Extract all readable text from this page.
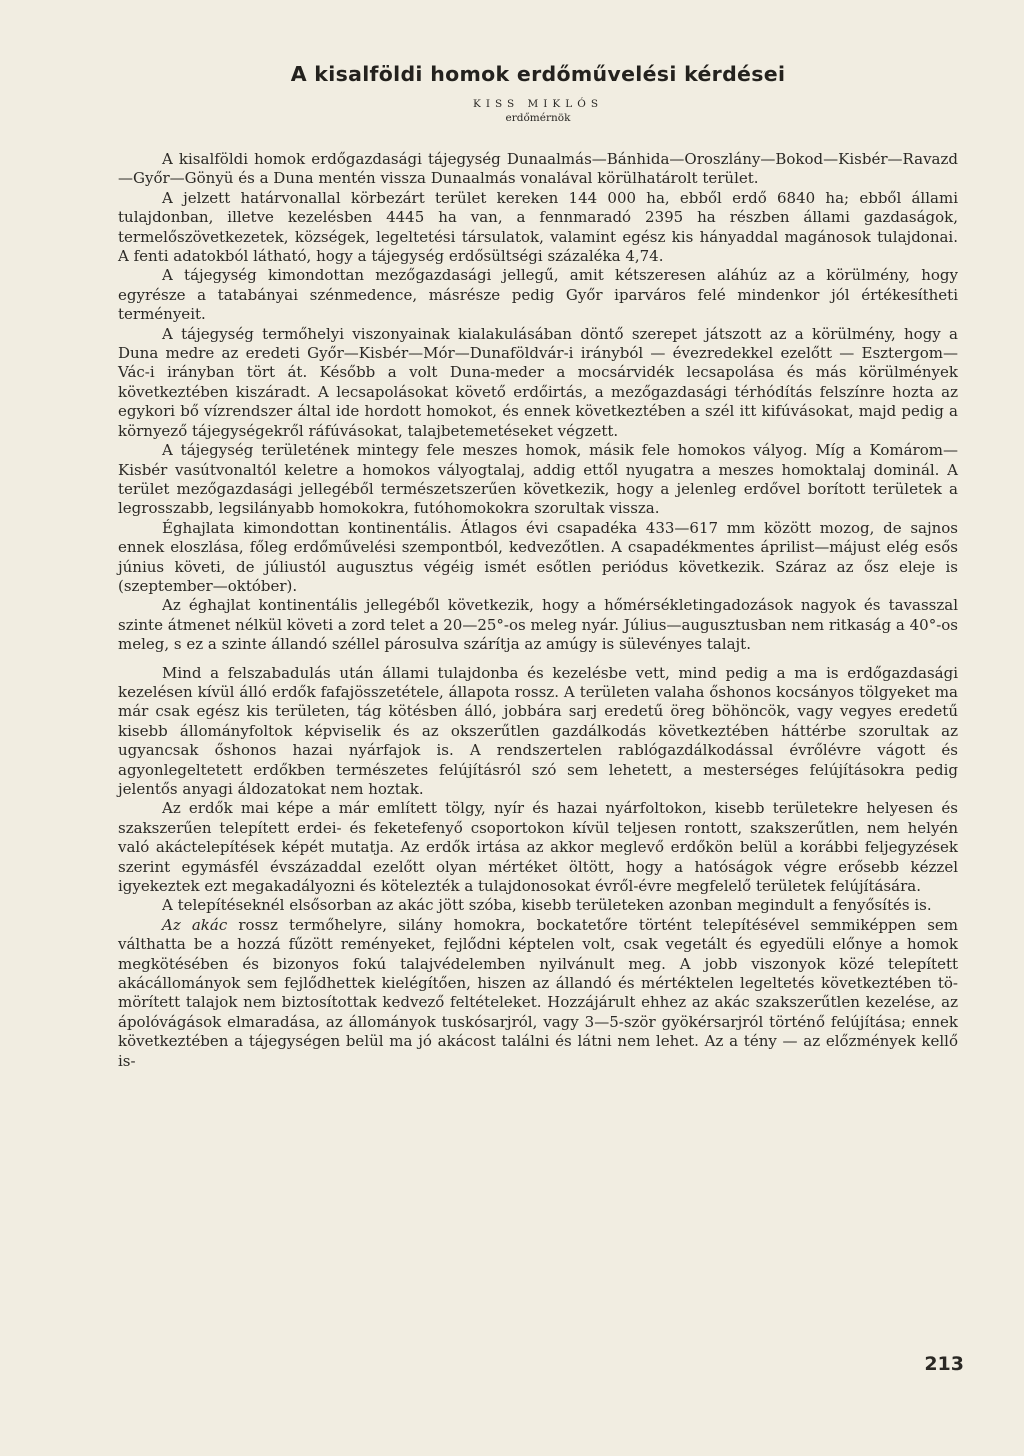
A kisalföldi homok erdőművelési kérdései
KISS MIKLÓS
erdőmérnök

A kisalföldi homok erdőgazdasági tájegység Dunaalmás—Bánhida—Oroszlány—Bokod—Kisbér—Ravazd—Győr—Gönyü és a Duna mentén vissza Dunaalmás vonalával körülhatárolt terület.

A jelzett határvonallal körbezárt terület kereken 144 000 ha, ebből erdő 6840 ha; ebből állami tulajdonban, illetve kezelésben 4445 ha van, a fennmaradó 2395 ha részben állami gazdaságok, termelőszövetkezetek, községek, legeltetési társulatok, valamint egész kis hányaddal magánosok tulajdonai. A fenti adatokból látható, hogy a tájegység erdősültségi százaléka 4,74.

A tájegység kimondottan mezőgazdasági jellegű, amit kétszeresen aláhúz az a körülmény, hogy egyrésze a tatabányai szénmedence, másrésze pedig Győr iparváros felé mindenkor jól értékesítheti terményeit.

A tájegység termőhelyi viszonyainak kialakulásában döntő szerepet játszott az a körülmény, hogy a Duna medre az eredeti Győr—Kisbér—Mór—Dunaföldvár-i irányból — évezredekkel ezelőtt — Esztergom—Vác-i irányban tört át. Később a volt Duna-meder a mocsárvidék lecsapolása és más körülmények következtében kiszáradt. A lecsapolásokat követő erdőirtás, a mezőgazdasági térhódítás felszínre hozta az egykori bő vízrendszer által ide hordott homokot, és ennek következtében a szél itt kifúvásokat, majd pedig a környező tájegységekről ráfúvásokat, talajbetemetéseket végzett.

A tájegység területének mintegy fele meszes homok, másik fele homokos vályog. Míg a Komárom—Kisbér vasútvonaltól keletre a homokos vályogtalaj, addig ettől nyugatra a meszes homoktalaj dominál. A terület mezőgazdasági jellegéből természetszerűen következik, hogy a jelenleg erdővel borított területek a legrosszabb, legsilányabb homokokra, futóhomokokra szorultak vissza.

Éghajlata kimondottan kontinentális. Átlagos évi csapadéka 433—617 mm között mozog, de sajnos ennek eloszlása, főleg erdőművelési szempontból, kedvezőtlen. A csapadékmentes áprilist—májust elég esős június követi, de júliustól augusztus végéig ismét esőtlen periódus következik. Száraz az ősz eleje is (szeptember—október).

Az éghajlat kontinentális jellegéből következik, hogy a hőmérsékletingadozások nagyok és tavasszal szinte átmenet nélkül követi a zord telet a 20—25°-os meleg nyár. Július—augusztusban nem ritkaság a 40°-os meleg, s ez a szinte állandó széllel párosulva szárítja az amúgy is sülevényes talajt.

Mind a felszabadulás után állami tulajdonba és kezelésbe vett, mind pedig a ma is erdőgazdasági kezelésen kívül álló erdők fafajösszetétele, állapota rossz. A területen valaha őshonos kocsányos tölgyeket ma már csak egész kis területen, tág kötésben álló, jobbára sarj eredetű öreg böhöncök, vagy vegyes eredetű kisebb állományfoltok képviselik és az okszerűtlen gazdálkodás következtében háttérbe szorultak az ugyancsak őshonos hazai nyárfajok is. A rendszertelen rablógazdálkodással évrőlévre vágott és agyonlegeltetett erdőkben természetes felújításról szó sem lehetett, a mesterséges felújításokra pedig jelentős anyagi áldozatokat nem hoztak.

Az erdők mai képe a már említett tölgy, nyír és hazai nyárfoltokon, kisebb területekre helyesen és szakszerűen telepített erdei- és feketefenyő csoportokon kívül teljesen rontott, szakszerűtlen, nem helyén való akáctelepítések képét mutatja. Az erdők irtása az akkor meglevő erdőkön belül a korábbi feljegyzések szerint egymásfél évszázaddal ezelőtt olyan mértéket öltött, hogy a hatóságok végre erősebb kézzel igyekeztek ezt megakadályozni és kötelezték a tulajdonosokat évről-évre megfelelő területek felújítására.

A telepítéseknél elsősorban az akác jött szóba, kisebb területeken azonban megindult a fenyősítés is.

Az akác rossz termőhelyre, silány homokra, bockatetőre történt telepítésével semmiképpen sem válthatta be a hozzá fűzött reményeket, fejlődni képtelen volt, csak vegetált és egyedüli előnye a homok megkötésében és bizonyos fokú talajvédelemben nyilvánult meg. A jobb viszonyok közé telepített akácállományok sem fejlődhettek kielégítően, hiszen az állandó és mértéktelen legeltetés következtében tömörített talajok nem biztosítottak kedvező feltételeket. Hozzájárult ehhez az akác szakszerűtlen kezelése, az ápolóvágások elmaradása, az állományok tuskósarjról, vagy 3—5-ször gyökérsarjról történő felújítása; ennek következtében a tájegységen belül ma jó akácost találni és látni nem lehet. Az a tény — az előzmények kellő is-

213
